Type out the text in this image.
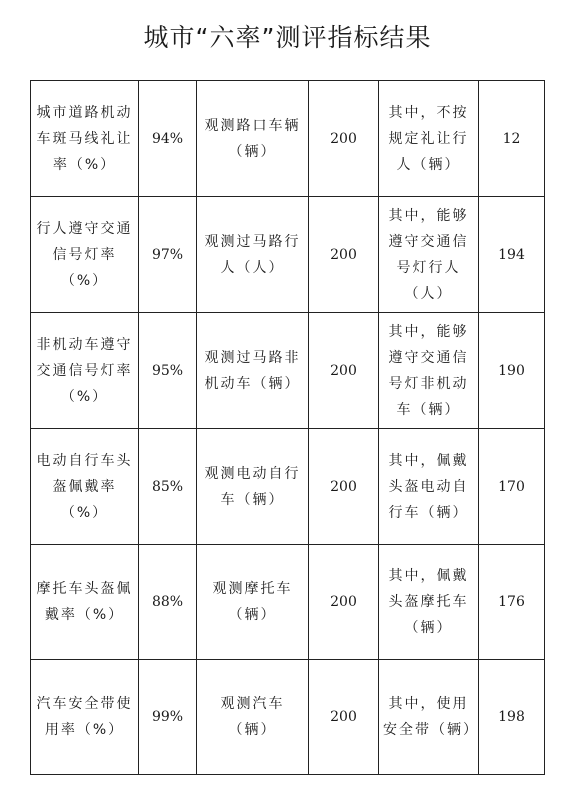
城市“六率”测评指标结果
城市道路机动车斑马线礼让率（%）	94%	观测路口车辆（辆）	200	其中，不按规定礼让行人（辆）	12
行人遵守交通信号灯率（%）	97%	观测过马路行人（人）	200	其中，能够遵守交通信号灯行人（人）	194
非机动车遵守交通信号灯率（%）	95%	观测过马路非机动车（辆）	200	其中，能够遵守交通信号灯非机动车（辆）	190
电动自行车头盔佩戴率（%）	85%	观测电动自行车（辆）	200	其中，佩戴头盔电动自行车（辆）	170
摩托车头盔佩戴率（%）	88%	观测摩托车（辆）	200	其中，佩戴头盔摩托车（辆）	176
汽车安全带使用率（%）	99%	观测汽车（辆）	200	其中，使用安全带（辆）	198
